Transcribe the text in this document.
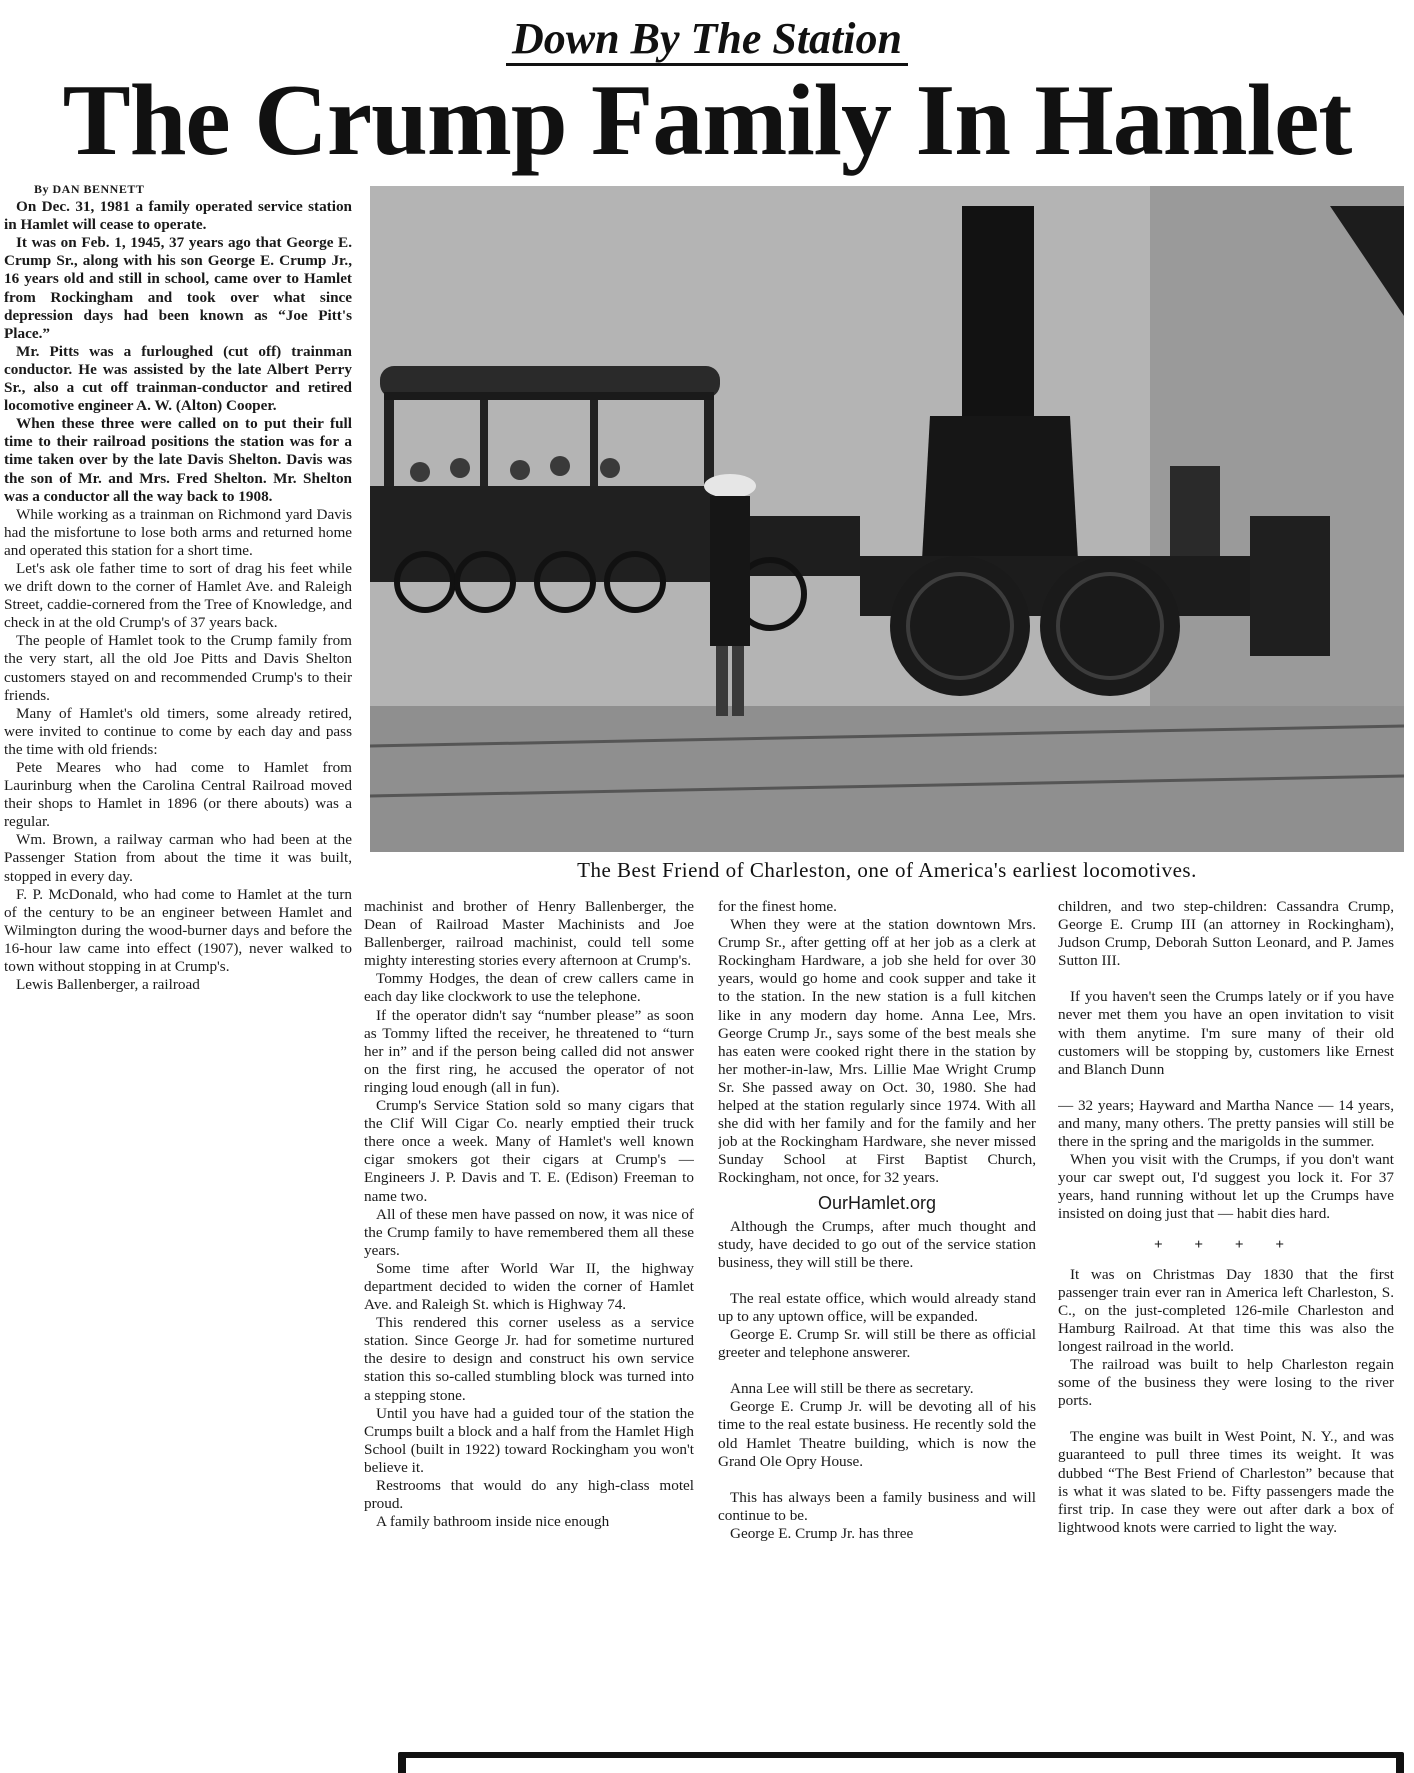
Down By The Station
The Crump Family In Hamlet

By DAN BENNETT

On Dec. 31, 1981 a family operated service station in Hamlet will cease to operate.

It was on Feb. 1, 1945, 37 years ago that George E. Crump Sr., along with his son George E. Crump Jr., 16 years old and still in school, came over to Hamlet from Rockingham and took over what since depression days had been known as “Joe Pitt's Place.”

Mr. Pitts was a furloughed (cut off) trainman conductor. He was assisted by the late Albert Perry Sr., also a cut off trainman-conductor and retired locomotive engineer A. W. (Alton) Cooper.

When these three were called on to put their full time to their railroad positions the station was for a time taken over by the late Davis Shelton. Davis was the son of Mr. and Mrs. Fred Shelton. Mr. Shelton was a conductor all the way back to 1908.

While working as a trainman on Richmond yard Davis had the misfortune to lose both arms and returned home and operated this station for a short time.

Let's ask ole father time to sort of drag his feet while we drift down to the corner of Hamlet Ave. and Raleigh Street, caddie-cornered from the Tree of Knowledge, and check in at the old Crump's of 37 years back.

The people of Hamlet took to the Crump family from the very start, all the old Joe Pitts and Davis Shelton customers stayed on and recommended Crump's to their friends.

Many of Hamlet's old timers, some already retired, were invited to continue to come by each day and pass the time with old friends:

Pete Meares who had come to Hamlet from Laurinburg when the Carolina Central Railroad moved their shops to Hamlet in 1896 (or there abouts) was a regular.

Wm. Brown, a railway carman who had been at the Passenger Station from about the time it was built, stopped in every day.

F. P. McDonald, who had come to Hamlet at the turn of the century to be an engineer between Hamlet and Wilmington during the wood-burner days and before the 16-hour law came into effect (1907), never walked to town without stopping in at Crump's.

Lewis Ballenberger, a railroad

The Best Friend of Charleston, one of America's earliest locomotives.

machinist and brother of Henry Ballenberger, the Dean of Railroad Master Machinists and Joe Ballenberger, railroad machinist, could tell some mighty interesting stories every afternoon at Crump's.

Tommy Hodges, the dean of crew callers came in each day like clockwork to use the telephone.

If the operator didn't say “number please” as soon as Tommy lifted the receiver, he threatened to “turn her in” and if the person being called did not answer on the first ring, he accused the operator of not ringing loud enough (all in fun).

Crump's Service Station sold so many cigars that the Clif Will Cigar Co. nearly emptied their truck there once a week. Many of Hamlet's well known cigar smokers got their cigars at Crump's — Engineers J. P. Davis and T. E. (Edison) Freeman to name two.

All of these men have passed on now, it was nice of the Crump family to have remembered them all these years.

Some time after World War II, the highway department decided to widen the corner of Hamlet Ave. and Raleigh St. which is Highway 74.

This rendered this corner useless as a service station. Since George Jr. had for sometime nurtured the desire to design and construct his own service station this so-called stumbling block was turned into a stepping stone.

Until you have had a guided tour of the station the Crumps built a block and a half from the Hamlet High School (built in 1922) toward Rockingham you won't believe it.

Restrooms that would do any high-class motel proud.

A family bathroom inside nice enough

for the finest home.

When they were at the station downtown Mrs. Crump Sr., after getting off at her job as a clerk at Rockingham Hardware, a job she held for over 30 years, would go home and cook supper and take it to the station. In the new station is a full kitchen like in any modern day home. Anna Lee, Mrs. George Crump Jr., says some of the best meals she has eaten were cooked right there in the station by her mother-in-law, Mrs. Lillie Mae Wright Crump Sr. She passed away on Oct. 30, 1980. She had helped at the station regularly since 1974. With all she did with her family and for the family and her job at the Rockingham Hardware, she never missed Sunday School at First Baptist Church, Rockingham, not once, for 32 years.

OurHamlet.org

Although the Crumps, after much thought and study, have decided to go out of the service station business, they will still be there.

The real estate office, which would already stand up to any uptown office, will be expanded.

George E. Crump Sr. will still be there as official greeter and telephone answerer.

Anna Lee will still be there as secretary.

George E. Crump Jr. will be devoting all of his time to the real estate business. He recently sold the old Hamlet Theatre building, which is now the Grand Ole Opry House.

This has always been a family business and will continue to be.

George E. Crump Jr. has three

children, and two step-children: Cassandra Crump, George E. Crump III (an attorney in Rockingham), Judson Crump, Deborah Sutton Leonard, and P. James Sutton III.

If you haven't seen the Crumps lately or if you have never met them you have an open invitation to visit with them anytime. I'm sure many of their old customers will be stopping by, customers like Ernest and Blanch Dunn

— 32 years; Hayward and Martha Nance — 14 years, and many, many others. The pretty pansies will still be there in the spring and the marigolds in the summer.

When you visit with the Crumps, if you don't want your car swept out, I'd suggest you lock it. For 37 years, hand running without let up the Crumps have insisted on doing just that — habit dies hard.

+ + + +

It was on Christmas Day 1830 that the first passenger train ever ran in America left Charleston, S. C., on the just-completed 126-mile Charleston and Hamburg Railroad. At that time this was also the longest railroad in the world.

The railroad was built to help Charleston regain some of the business they were losing to the river ports.

The engine was built in West Point, N. Y., and was guaranteed to pull three times its weight. It was dubbed “The Best Friend of Charleston” because that is what it was slated to be. Fifty passengers made the first trip. In case they were out after dark a box of lightwood knots were carried to light the way.
